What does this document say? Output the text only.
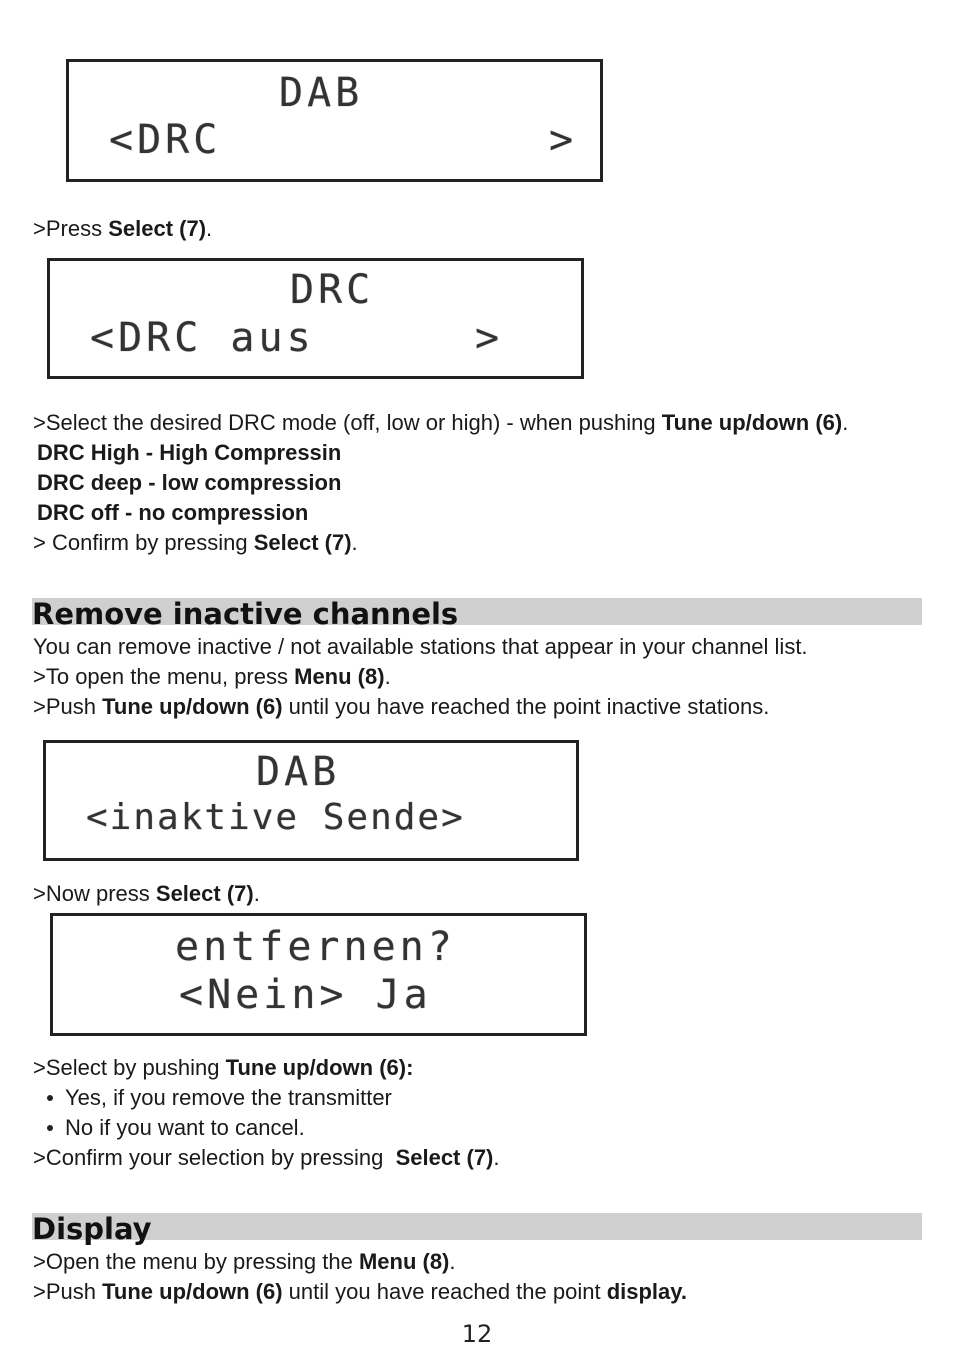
DAB
<DRC	>
>Press Select (7).
DRC
<DRC aus	>
>Select the desired DRC mode (off, low or high) - when pushing Tune up/down (6).
DRC High - High Compressin
DRC deep - low compression
DRC off - no compression
> Confirm by pressing Select (7).
Remove inactive channels
You can remove inactive / not available stations that appear in your channel list.
>To open the menu, press Menu (8).
>Push Tune up/down (6) until you have reached the point inactive stations.
DAB
<inaktive Sende>
>Now press Select (7).
entfernen?
<Nein> Ja
>Select by pushing Tune up/down (6):
Yes, if you remove the transmitter
No if you want to cancel.
>Confirm your selection by pressing  Select (7).
Display
>Open the menu by pressing the Menu (8).
>Push Tune up/down (6) until you have reached the point display.
12
